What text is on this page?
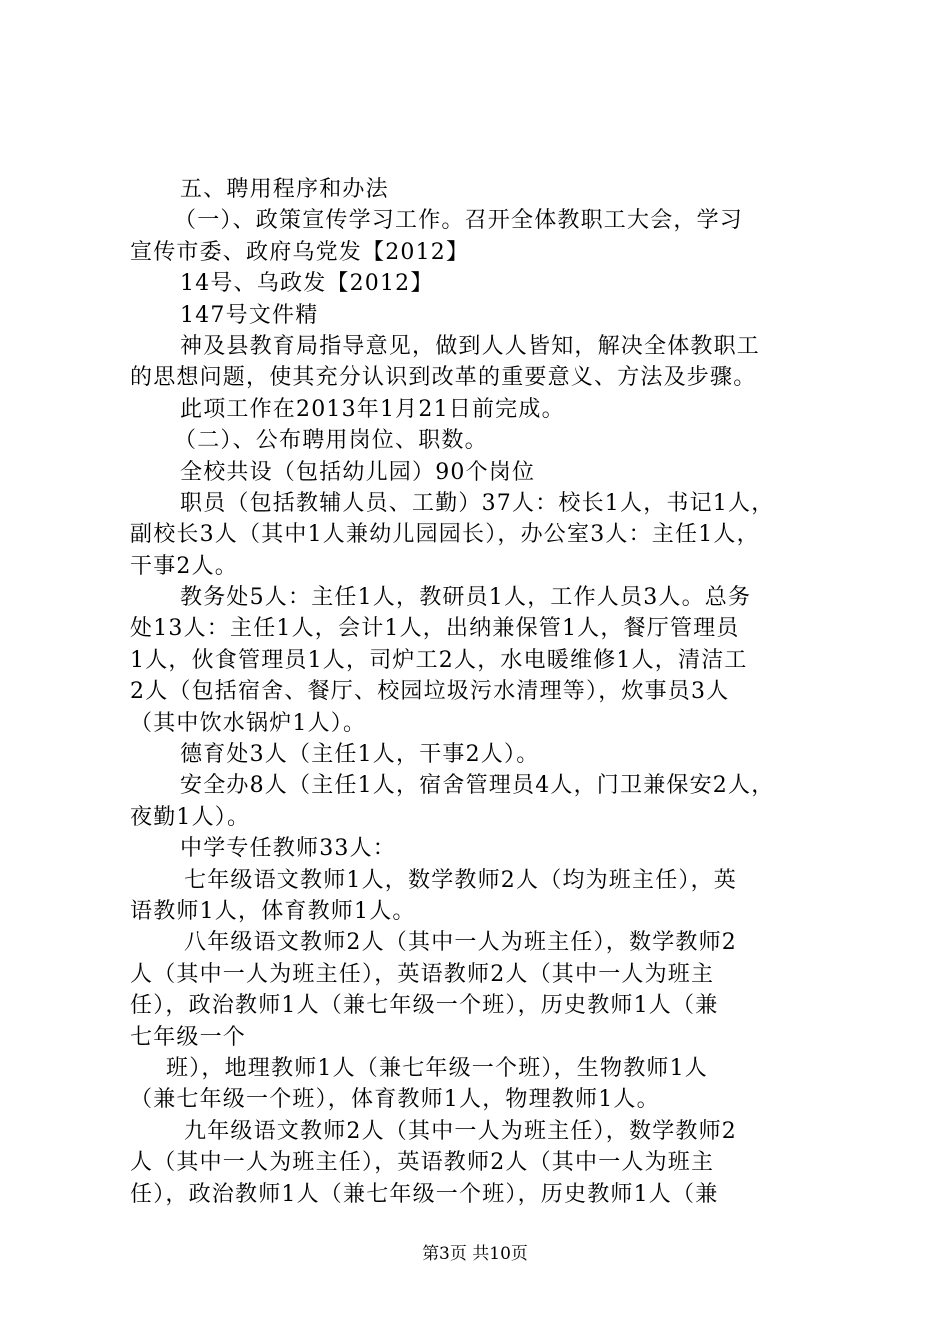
五、聘用程序和办法
（一）、政策宣传学习工作。召开全体教职工大会，学习
宣传市委、政府乌党发【2012】
14号、乌政发【2012】
147号文件精
神及县教育局指导意见，做到人人皆知，解决全体教职工
的思想问题，使其充分认识到改革的重要意义、方法及步骤。
此项工作在2013年1月21日前完成。
（二）、公布聘用岗位、职数。
全校共设（包括幼儿园）90个岗位
职员（包括教辅人员、工勤）37人：校长1人，书记1人，
副校长3人（其中1人兼幼儿园园长），办公室3人：主任1人，
干事2人。
教务处5人：主任1人，教研员1人，工作人员3人。总务
处13人：主任1人，会计1人，出纳兼保管1人，餐厅管理员
1人，伙食管理员1人，司炉工2人，水电暖维修1人，清洁工
2人（包括宿舍、餐厅、校园垃圾污水清理等），炊事员3人
（其中饮水锅炉1人）。
德育处3人（主任1人，干事2人）。
安全办8人（主任1人，宿舍管理员4人，门卫兼保安2人，
夜勤1人）。
中学专任教师33人：
七年级语文教师1人，数学教师2人（均为班主任），英
语教师1人，体育教师1人。
八年级语文教师2人（其中一人为班主任），数学教师2
人（其中一人为班主任），英语教师2人（其中一人为班主
任），政治教师1人（兼七年级一个班），历史教师1人（兼
七年级一个
班），地理教师1人（兼七年级一个班），生物教师1人
（兼七年级一个班），体育教师1人，物理教师1人。
九年级语文教师2人（其中一人为班主任），数学教师2
人（其中一人为班主任），英语教师2人（其中一人为班主
任），政治教师1人（兼七年级一个班），历史教师1人（兼
第3页 共10页
